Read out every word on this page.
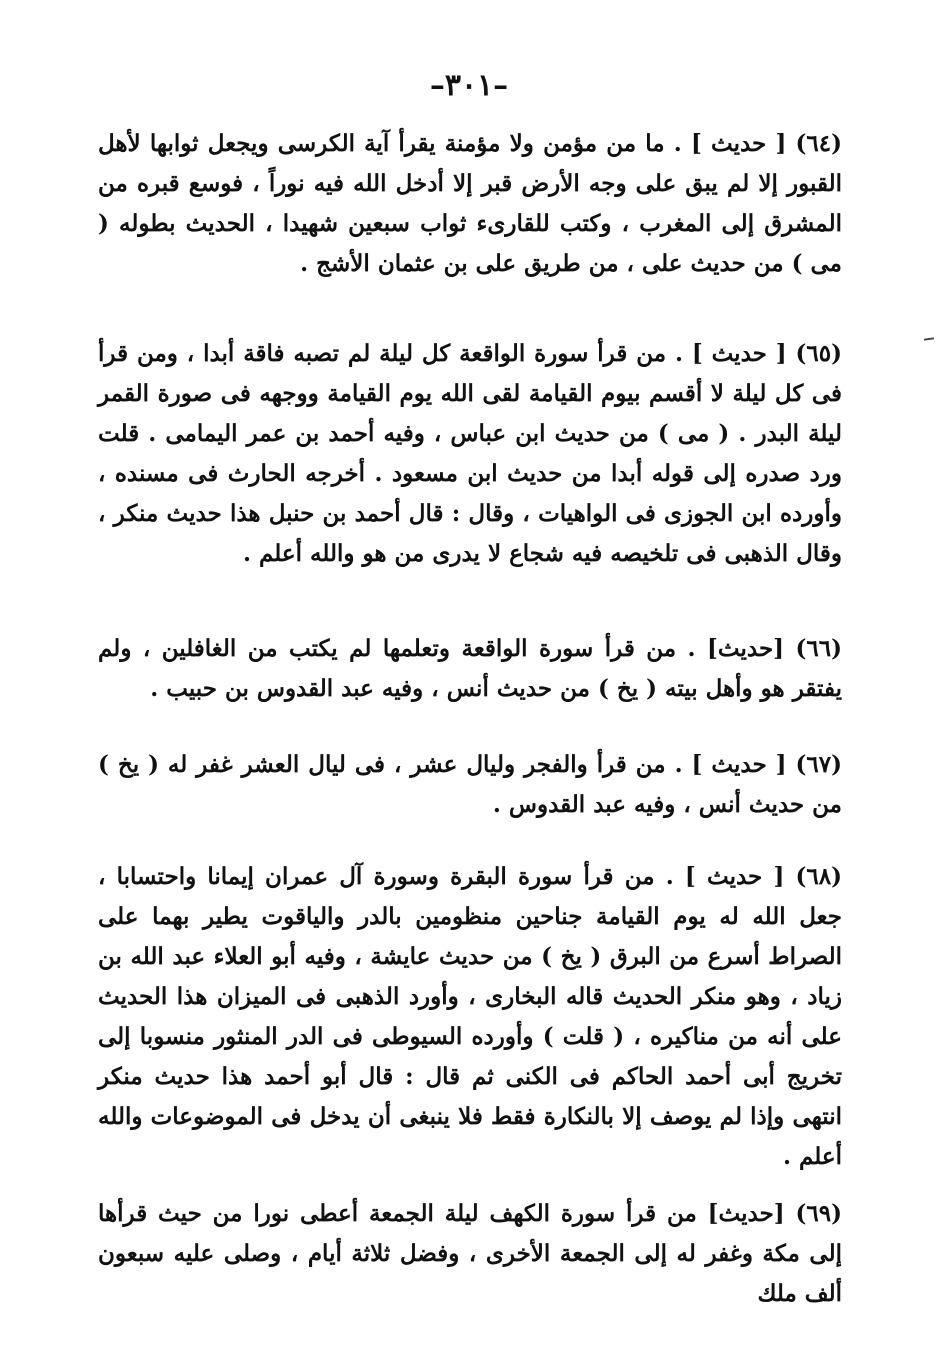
–٣٠١–

(٦٤) [ حديث ] . ما من مؤمن ولا مؤمنة يقرأ آية الكرسى ويجعل ثوابها لأهل القبور إلا لم يبق على وجه الأرض قبر إلا أدخل الله فيه نوراً ، فوسع قبره من المشرق إلى المغرب ، وكتب للقارىء ثواب سبعين شهيدا ، الحديث بطوله ( مى ) من حديث على ، من طريق على بن عثمان الأشج .

(٦٥) [ حديث ] . من قرأ سورة الواقعة كل ليلة لم تصبه فاقة أبدا ، ومن قرأ فى كل ليلة لا أقسم بيوم القيامة لقى الله يوم القيامة ووجهه فى صورة القمر ليلة البدر . ( مى ) من حديث ابن عباس ، وفيه أحمد بن عمر اليمامى . قلت ورد صدره إلى قوله أبدا من حديث ابن مسعود . أخرجه الحارث فى مسنده ، وأورده ابن الجوزى فى الواهيات ، وقال : قال أحمد بن حنبل هذا حديث منكر ، وقال الذهبى فى تلخيصه فيه شجاع لا يدرى من هو والله أعلم .

(٦٦) [حديث] . من قرأ سورة الواقعة وتعلمها لم يكتب من الغافلين ، ولم يفتقر هو وأهل بيته ( يخ ) من حديث أنس ، وفيه عبد القدوس بن حبيب .

(٦٧) [ حديث ] . من قرأ والفجر وليال عشر ، فى ليال العشر غفر له ( يخ ) من حديث أنس ، وفيه عبد القدوس .

(٦٨) [ حديث ] . من قرأ سورة البقرة وسورة آل عمران إيمانا واحتسابا ، جعل الله له يوم القيامة جناحين منظومين بالدر والياقوت يطير بهما على الصراط أسرع من البرق ( يخ ) من حديث عايشة ، وفيه أبو العلاء عبد الله بن زياد ، وهو منكر الحديث قاله البخارى ، وأورد الذهبى فى الميزان هذا الحديث على أنه من مناكيره ، ( قلت ) وأورده السيوطى فى الدر المنثور منسوبا إلى تخريج أبى أحمد الحاكم فى الكنى ثم قال : قال أبو أحمد هذا حديث منكر انتهى وإذا لم يوصف إلا بالنكارة فقط فلا ينبغى أن يدخل فى الموضوعات والله أعلم .

(٦٩) [حديث] من قرأ سورة الكهف ليلة الجمعة أعطى نورا من حيث قرأها إلى مكة وغفر له إلى الجمعة الأخرى ، وفضل ثلاثة أيام ، وصلى عليه سبعون ألف ملك
